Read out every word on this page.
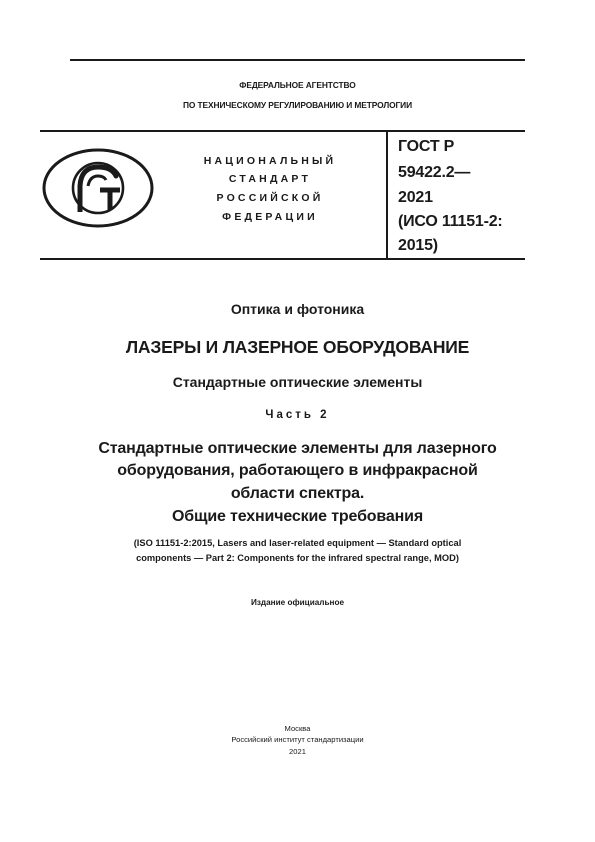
ФЕДЕРАЛЬНОЕ АГЕНТСТВО
ПО ТЕХНИЧЕСКОМУ РЕГУЛИРОВАНИЮ И МЕТРОЛОГИИ
НАЦИОНАЛЬНЫЙ
СТАНДАРТ
РОССИЙСКОЙ
ФЕДЕРАЦИИ
ГОСТ Р
59422.2—
2021
(ИСО 11151-2:
2015)
Оптика и фотоника
ЛАЗЕРЫ И ЛАЗЕРНОЕ ОБОРУДОВАНИЕ
Стандартные оптические элементы
Часть 2
Стандартные оптические элементы для лазерного
оборудования, работающего в инфракрасной
области спектра.
Общие технические требования
(ISO 11151-2:2015, Lasers and laser-related equipment — Standard optical
components — Part 2: Components for the infrared spectral range, MOD)
Издание официальное
Москва
Российский институт стандартизации
2021
